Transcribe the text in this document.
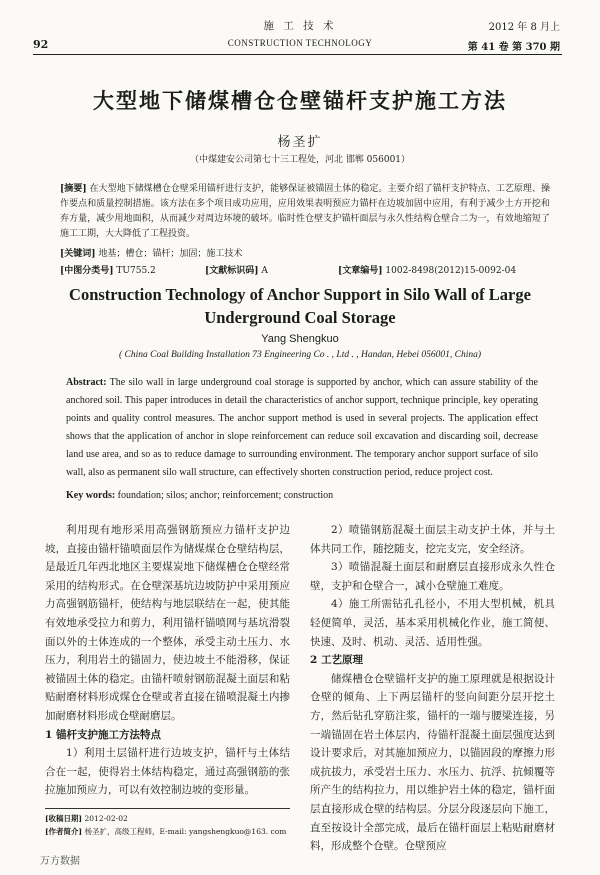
施 工 技 术
CONSTRUCTION TECHNOLOGY
92
2012 年 8 月上
第 41 卷 第 370 期
大型地下储煤槽仓仓壁锚杆支护施工方法
杨圣扩
（中煤建安公司第七十三工程处，河北 邯郸 056001）
[摘要] 在大型地下储煤槽仓仓壁采用锚杆进行支护，能够保证被锚固土体的稳定。主要介绍了锚杆支护特点、工艺原理、操作要点和质量控制措施。该方法在多个项目成功应用，应用效果表明预应力锚杆在边坡加固中应用，有利于减少土方开挖和弃方量，减少用地面积，从而减少对周边环境的破坏。临时性仓壁支护锚杆面层与永久性结构仓壁合二为一，有效地缩短了施工工期，大大降低了工程投资。
[关键词] 地基；槽仓；锚杆；加固；施工技术
[中图分类号] TU755.2	[文献标识码] A	[文章编号] 1002-8498(2012)15-0092-04
Construction Technology of Anchor Support in Silo Wall of Large
Underground Coal Storage
Yang Shengkuo
( China Coal Building Installation 73 Engineering Co . , Ltd . , Handan, Hebei 056001, China)
Abstract: The silo wall in large underground coal storage is supported by anchor, which can assure stability of the anchored soil. This paper introduces in detail the characteristics of anchor support, technique principle, key operating points and quality control measures. The anchor support method is used in several projects. The application effect shows that the application of anchor in slope reinforcement can reduce soil excavation and discarding soil, decrease land use area, and so as to reduce damage to surrounding environment. The temporary anchor support surface of silo wall, also as permanent silo wall structure, can effectively shorten construction period, reduce project cost.
Key words: foundation; silos; anchor; reinforcement; construction

利用现有地形采用高强钢筋预应力锚杆支护边坡，直接由锚杆锚喷面层作为储煤煤仓仓壁结构层，是最近几年西北地区主要煤炭地下储煤槽仓仓壁经常采用的结构形式。在仓壁深基坑边坡防护中采用预应力高强钢筋锚杆，使结构与地层联结在一起，使其能有效地承受拉力和剪力，利用锚杆锚喷网与基坑滑裂面以外的土体连成的一个整体，承受主动土压力、水压力，利用岩土的锚固力，使边坡土不能滑移，保证被锚固土体的稳定。由锚杆喷射钢筋混凝土面层和粘贴耐磨材料形成煤仓仓壁或者直接在锚喷混凝土内掺加耐磨材料形成仓壁耐磨层。

1 锚杆支护施工方法特点

1）利用土层锚杆进行边坡支护，锚杆与土体结合在一起，使得岩土体结构稳定，通过高强钢筋的张拉施加预应力，可以有效控制边坡的变形量。

2）喷锚钢筋混凝土面层主动支护土体，并与土体共同工作，随挖随支，挖完支完，安全经济。

3）喷锚混凝土面层和耐磨层直接形成永久性仓壁，支护和仓壁合一，减小仓壁施工难度。

4）施工所需钻孔孔径小，不用大型机械，机具轻便简单，灵活，基本采用机械化作业，施工简便、快速、及时、机动、灵活、适用性强。

2 工艺原理

储煤槽仓仓壁锚杆支护的施工原理就是根据设计仓壁的倾角、上下两层锚杆的竖向间距分层开挖土方，然后钻孔穿筋注浆，锚杆的一端与腰梁连接，另一端锚固在岩土体层内，待锚杆混凝土面层强度达到设计要求后，对其施加预应力，以锚固段的摩擦力形成抗拔力，承受岩土压力、水压力、抗浮、抗倾覆等所产生的结构拉力，用以维护岩土体的稳定，锚杆面层直接形成仓壁的结构层。分层分段逐层向下施工，直至按设计全部完成，最后在锚杆面层上粘贴耐磨材料，形成整个仓壁。仓壁预应

[收稿日期] 2012-02-02
[作者简介] 杨圣扩，高级工程师，E-mail: yangshengkuo@163. com
万方数据
